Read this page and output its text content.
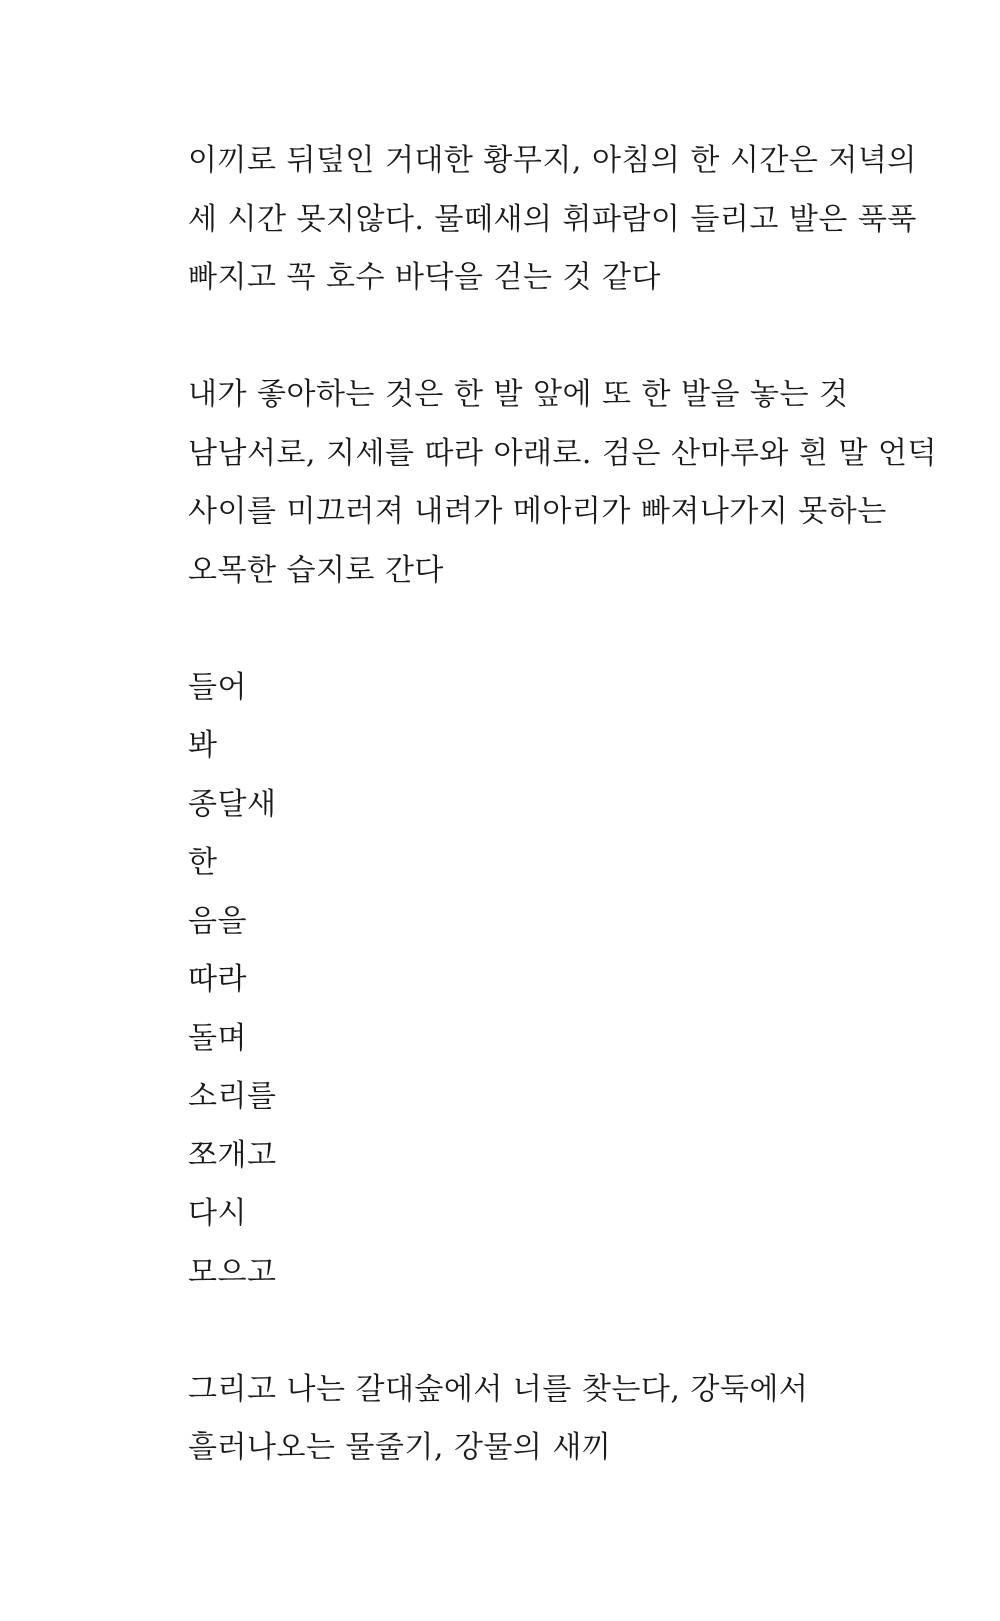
이끼로 뒤덮인 거대한 황무지, 아침의 한 시간은 저녁의
세 시간 못지않다. 물떼새의 휘파람이 들리고 발은 푹푹
빠지고 꼭 호수 바닥을 걷는 것 같다
내가 좋아하는 것은 한 발 앞에 또 한 발을 놓는 것
남남서로, 지세를 따라 아래로. 검은 산마루와 흰 말 언덕
사이를 미끄러져 내려가 메아리가 빠져나가지 못하는
오목한 습지로 간다
들어
봐
종달새
한
음을
따라
돌며
소리를
쪼개고
다시
모으고
그리고 나는 갈대숲에서 너를 찾는다, 강둑에서
흘러나오는 물줄기, 강물의 새끼
